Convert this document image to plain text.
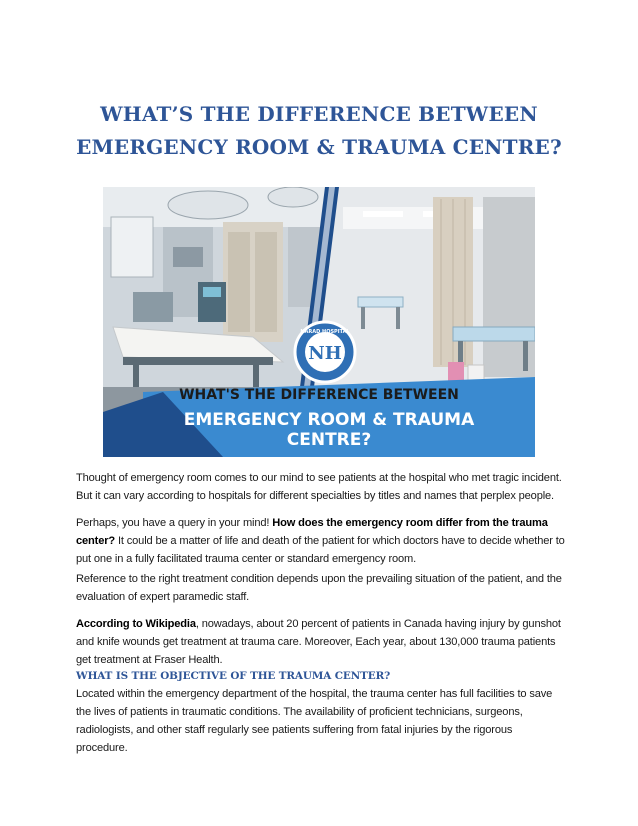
WHAT’S THE DIFFERENCE BETWEEN
EMERGENCY ROOM & TRAUMA CENTRE?
NH
NARAD HOSPITAL
WHAT'S THE DIFFERENCE BETWEEN
EMERGENCY ROOM & TRAUMA CENTRE?
Thought of emergency room comes to our mind to see patients at the hospital who met tragic incident. But it can vary according to hospitals for different specialties by titles and names that perplex people.
Perhaps, you have a query in your mind! How does the emergency room differ from the trauma center? It could be a matter of life and death of the patient for which doctors have to decide whether to put one in a fully facilitated trauma center or standard emergency room.
Reference to the right treatment condition depends upon the prevailing situation of the patient, and the evaluation of expert paramedic staff.
According to Wikipedia, nowadays, about 20 percent of patients in Canada having injury by gunshot and knife wounds get treatment at trauma care. Moreover, Each year, about 130,000 trauma patients get treatment at Fraser Health.
WHAT IS THE OBJECTIVE OF THE TRAUMA CENTER?
Located within the emergency department of the hospital, the trauma center has full facilities to save the lives of patients in traumatic conditions. The availability of proficient technicians, surgeons, radiologists, and other staff regularly see patients suffering from fatal injuries by the rigorous procedure.
